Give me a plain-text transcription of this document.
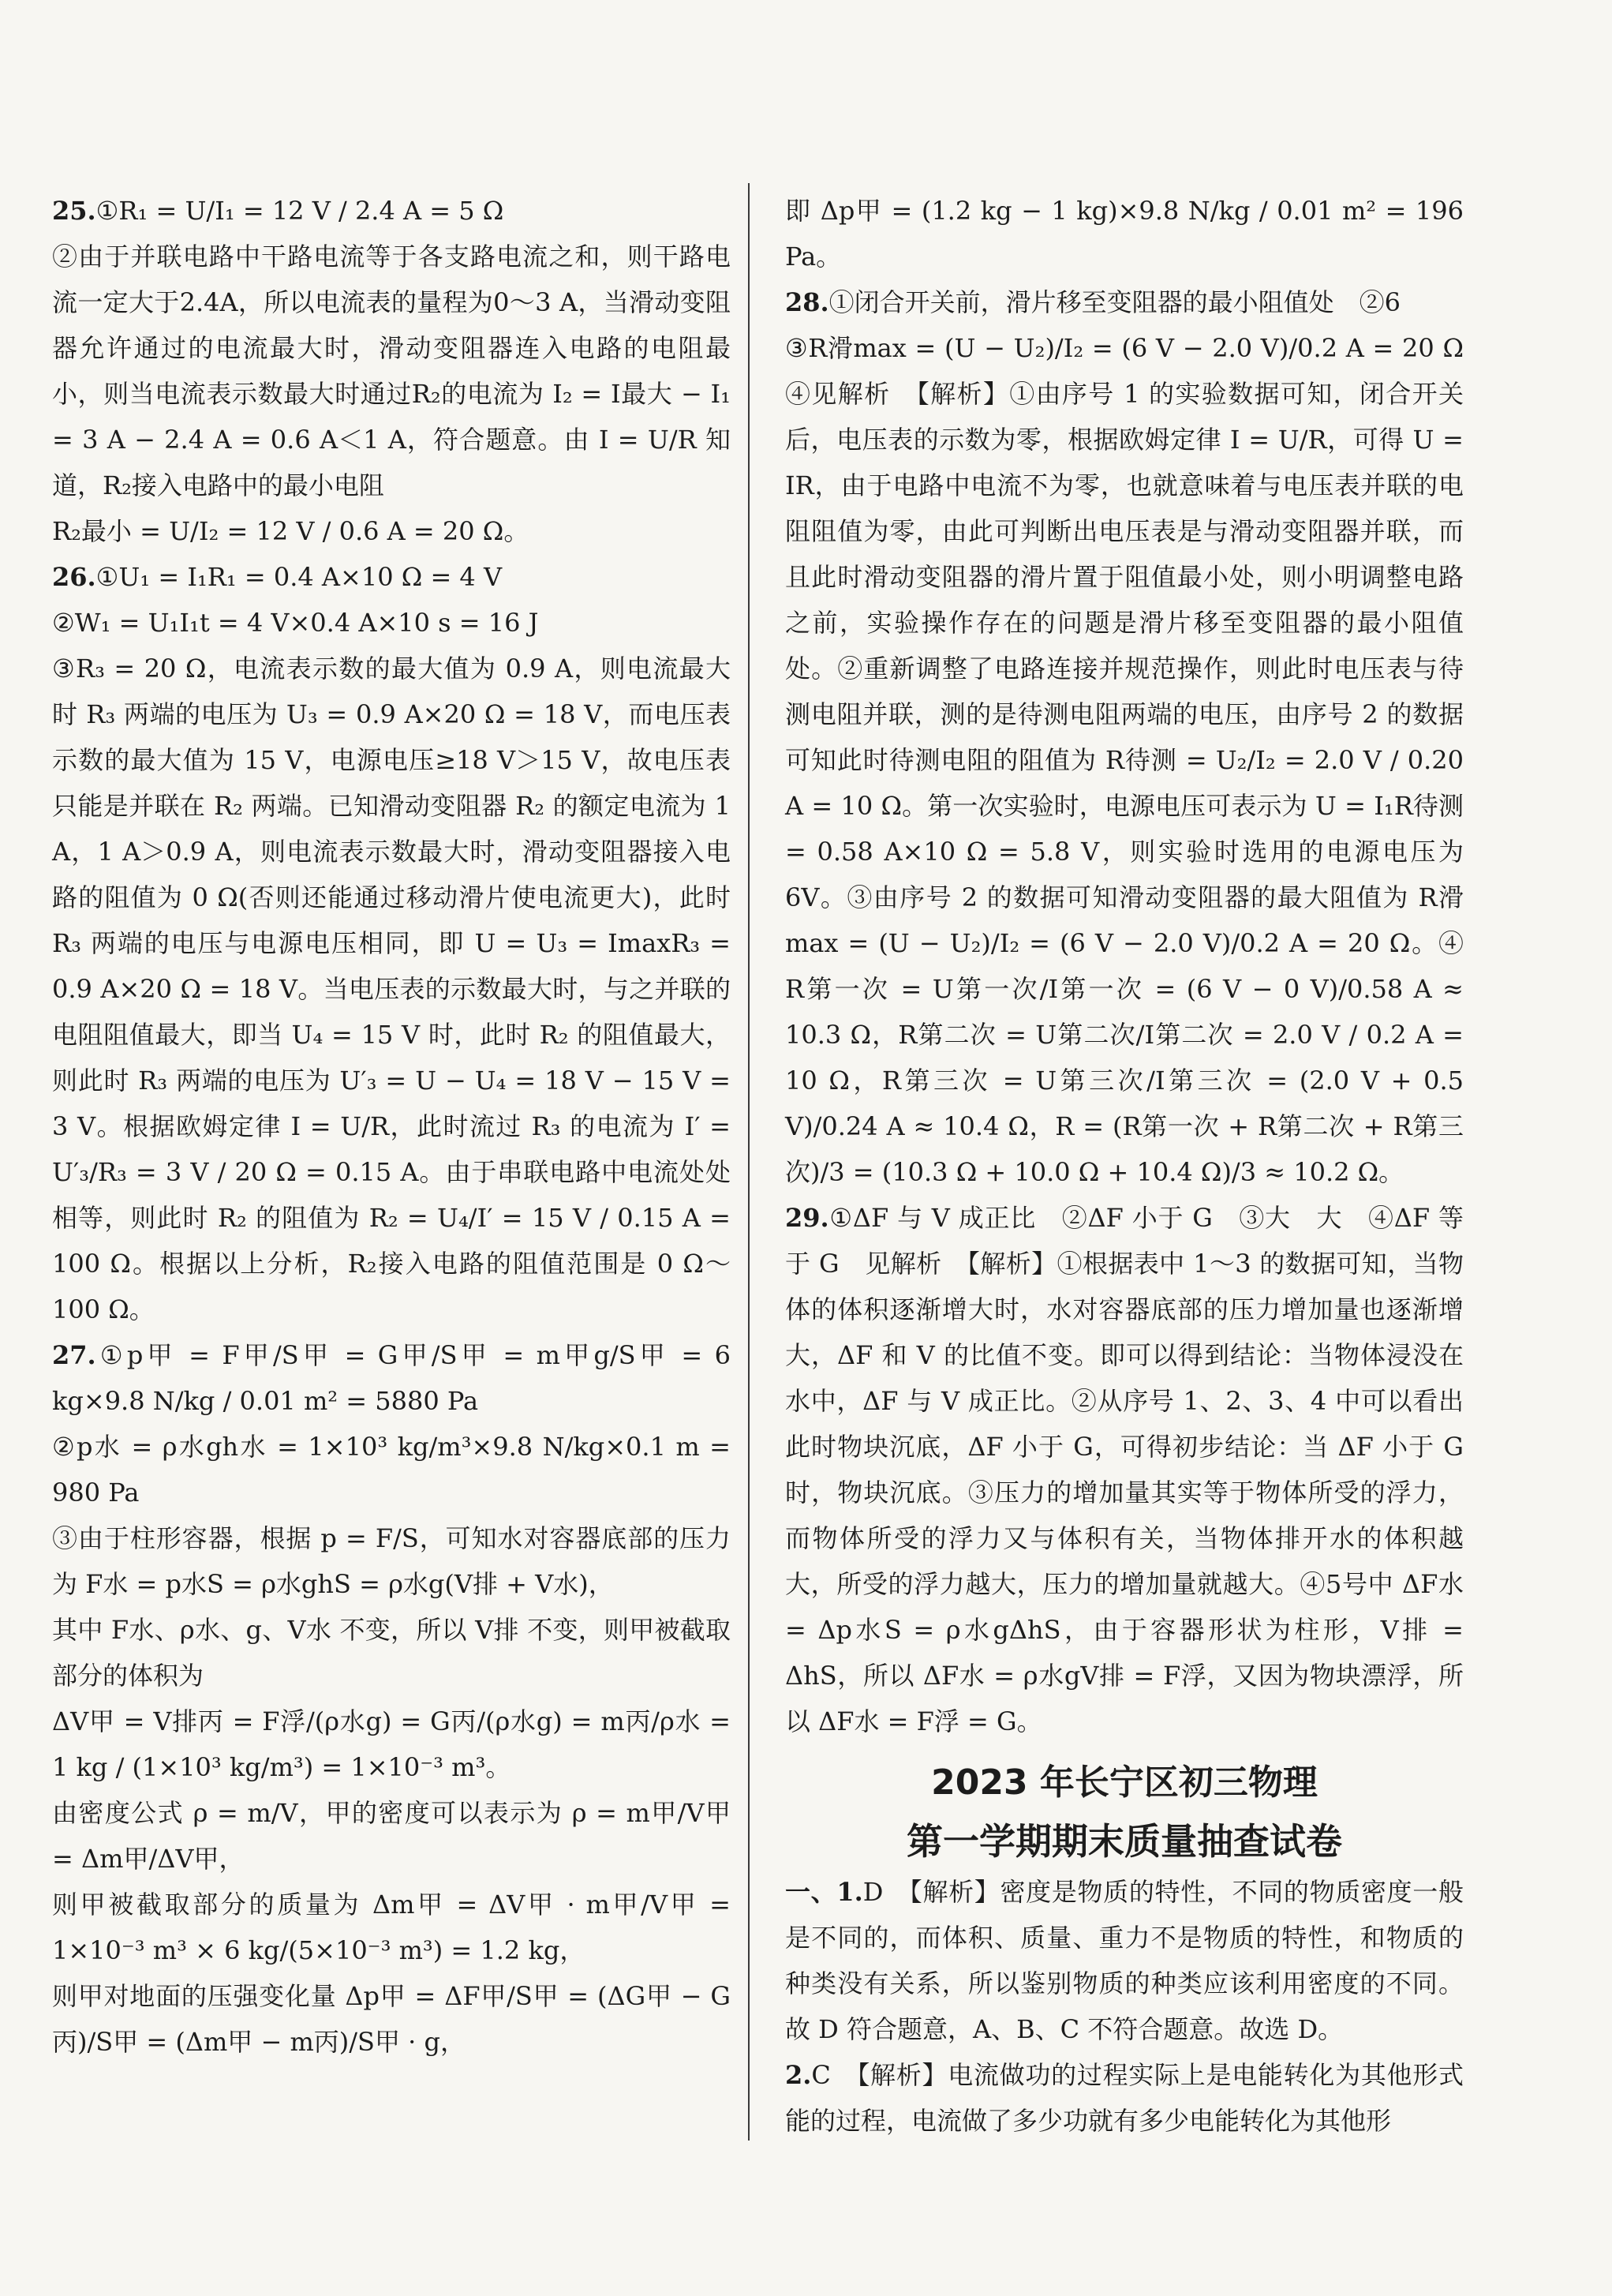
25.①R₁ = U/I₁ = 12 V / 2.4 A = 5 Ω

②由于并联电路中干路电流等于各支路电流之和，则干路电流一定大于2.4A，所以电流表的量程为0～3 A，当滑动变阻器允许通过的电流最大时，滑动变阻器连入电路的电阻最小，则当电流表示数最大时通过R₂的电流为 I₂ = I最大 − I₁ = 3 A − 2.4 A = 0.6 A＜1 A，符合题意。由 I = U/R 知道，R₂接入电路中的最小电阻

R₂最小 = U/I₂ = 12 V / 0.6 A = 20 Ω。

26.①U₁ = I₁R₁ = 0.4 A×10 Ω = 4 V

②W₁ = U₁I₁t = 4 V×0.4 A×10 s = 16 J

③R₃ = 20 Ω，电流表示数的最大值为 0.9 A，则电流最大时 R₃ 两端的电压为 U₃ = 0.9 A×20 Ω = 18 V，而电压表示数的最大值为 15 V，电源电压≥18 V＞15 V，故电压表只能是并联在 R₂ 两端。已知滑动变阻器 R₂ 的额定电流为 1 A，1 A＞0.9 A，则电流表示数最大时，滑动变阻器接入电路的阻值为 0 Ω(否则还能通过移动滑片使电流更大)，此时 R₃ 两端的电压与电源电压相同，即 U = U₃ = ImaxR₃ = 0.9 A×20 Ω = 18 V。当电压表的示数最大时，与之并联的电阻阻值最大，即当 U₄ = 15 V 时，此时 R₂ 的阻值最大，则此时 R₃ 两端的电压为 U′₃ = U − U₄ = 18 V − 15 V = 3 V。根据欧姆定律 I = U/R，此时流过 R₃ 的电流为 I′ = U′₃/R₃ = 3 V / 20 Ω = 0.15 A。由于串联电路中电流处处相等，则此时 R₂ 的阻值为 R₂ = U₄/I′ = 15 V / 0.15 A = 100 Ω。根据以上分析，R₂接入电路的阻值范围是 0 Ω～100 Ω。

27.①p甲 = F甲/S甲 = G甲/S甲 = m甲g/S甲 = 6 kg×9.8 N/kg / 0.01 m² = 5880 Pa

②p水 = ρ水gh水 = 1×10³ kg/m³×9.8 N/kg×0.1 m = 980 Pa

③由于柱形容器，根据 p = F/S，可知水对容器底部的压力为 F水 = p水S = ρ水ghS = ρ水g(V排 + V水)，

其中 F水、ρ水、g、V水 不变，所以 V排 不变，则甲被截取部分的体积为

ΔV甲 = V排丙 = F浮/(ρ水g) = G丙/(ρ水g) = m丙/ρ水 = 1 kg / (1×10³ kg/m³) = 1×10⁻³ m³。

由密度公式 ρ = m/V，甲的密度可以表示为 ρ = m甲/V甲 = Δm甲/ΔV甲，

则甲被截取部分的质量为 Δm甲 = ΔV甲 · m甲/V甲 = 1×10⁻³ m³ × 6 kg/(5×10⁻³ m³) = 1.2 kg，

则甲对地面的压强变化量 Δp甲 = ΔF甲/S甲 = (ΔG甲 − G丙)/S甲 = (Δm甲 − m丙)/S甲 · g，

即 Δp甲 = (1.2 kg − 1 kg)×9.8 N/kg / 0.01 m² = 196 Pa。

28.①闭合开关前，滑片移至变阻器的最小阻值处　②6

③R滑max = (U − U₂)/I₂ = (6 V − 2.0 V)/0.2 A = 20 Ω　④见解析　【解析】①由序号 1 的实验数据可知，闭合开关后，电压表的示数为零，根据欧姆定律 I = U/R，可得 U = IR，由于电路中电流不为零，也就意味着与电压表并联的电阻阻值为零，由此可判断出电压表是与滑动变阻器并联，而且此时滑动变阻器的滑片置于阻值最小处，则小明调整电路之前，实验操作存在的问题是滑片移至变阻器的最小阻值处。②重新调整了电路连接并规范操作，则此时电压表与待测电阻并联，测的是待测电阻两端的电压，由序号 2 的数据可知此时待测电阻的阻值为 R待测 = U₂/I₂ = 2.0 V / 0.20 A = 10 Ω。第一次实验时，电源电压可表示为 U = I₁R待测 = 0.58 A×10 Ω = 5.8 V，则实验时选用的电源电压为 6V。③由序号 2 的数据可知滑动变阻器的最大阻值为 R滑max = (U − U₂)/I₂ = (6 V − 2.0 V)/0.2 A = 20 Ω。④ R第一次 = U第一次/I第一次 = (6 V − 0 V)/0.58 A ≈ 10.3 Ω，R第二次 = U第二次/I第二次 = 2.0 V / 0.2 A = 10 Ω，R第三次 = U第三次/I第三次 = (2.0 V + 0.5 V)/0.24 A ≈ 10.4 Ω，R = (R第一次 + R第二次 + R第三次)/3 = (10.3 Ω + 10.0 Ω + 10.4 Ω)/3 ≈ 10.2 Ω。

29.①ΔF 与 V 成正比　②ΔF 小于 G　③大　大　④ΔF 等于 G　见解析　【解析】①根据表中 1～3 的数据可知，当物体的体积逐渐增大时，水对容器底部的压力增加量也逐渐增大，ΔF 和 V 的比值不变。即可以得到结论：当物体浸没在水中，ΔF 与 V 成正比。②从序号 1、2、3、4 中可以看出此时物块沉底，ΔF 小于 G，可得初步结论：当 ΔF 小于 G 时，物块沉底。③压力的增加量其实等于物体所受的浮力，而物体所受的浮力又与体积有关，当物体排开水的体积越大，所受的浮力越大，压力的增加量就越大。④5号中 ΔF水 = Δp水S = ρ水gΔhS，由于容器形状为柱形，V排 = ΔhS，所以 ΔF水 = ρ水gV排 = F浮，又因为物块漂浮，所以 ΔF水 = F浮 = G。

2023 年长宁区初三物理
第一学期期末质量抽查试卷

一、1.D　【解析】密度是物质的特性，不同的物质密度一般是不同的，而体积、质量、重力不是物质的特性，和物质的种类没有关系，所以鉴别物质的种类应该利用密度的不同。故 D 符合题意，A、B、C 不符合题意。故选 D。

2.C　【解析】电流做功的过程实际上是电能转化为其他形式能的过程，电流做了多少功就有多少电能转化为其他形
